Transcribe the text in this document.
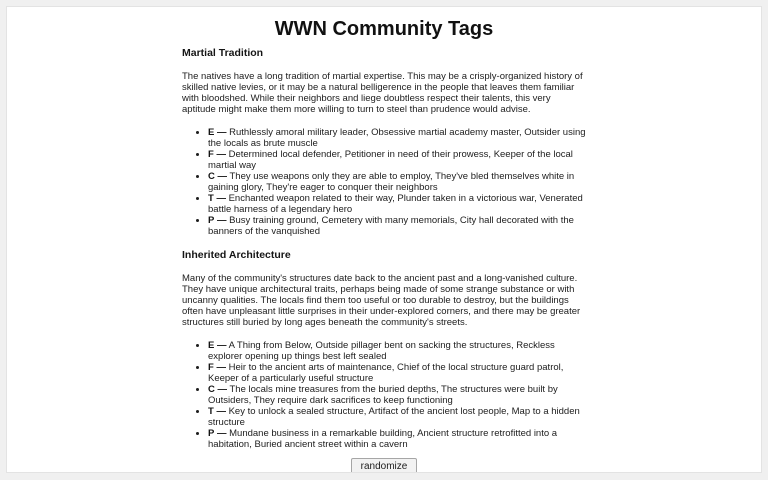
WWN Community Tags
Martial Tradition

The natives have a long tradition of martial expertise. This may be a crisply-organized history of skilled native levies, or it may be a natural belligerence in the people that leaves them familiar with bloodshed. While their neighbors and liege doubtless respect their talents, this very aptitude might make them more willing to turn to steel than prudence would advise.

• E — Ruthlessly amoral military leader, Obsessive martial academy master, Outsider using the locals as brute muscle
• F — Determined local defender, Petitioner in need of their prowess, Keeper of the local martial way
• C — They use weapons only they are able to employ, They've bled themselves white in gaining glory, They're eager to conquer their neighbors
• T — Enchanted weapon related to their way, Plunder taken in a victorious war, Venerated battle harness of a legendary hero
• P — Busy training ground, Cemetery with many memorials, City hall decorated with the banners of the vanquished
Inherited Architecture

Many of the community's structures date back to the ancient past and a long-vanished culture. They have unique architectural traits, perhaps being made of some strange substance or with uncanny qualities. The locals find them too useful or too durable to destroy, but the buildings often have unpleasant little surprises in their under-explored corners, and there may be greater structures still buried by long ages beneath the community's streets.

• E — A Thing from Below, Outside pillager bent on sacking the structures, Reckless explorer opening up things best left sealed
• F — Heir to the ancient arts of maintenance, Chief of the local structure guard patrol, Keeper of a particularly useful structure
• C — The locals mine treasures from the buried depths, The structures were built by Outsiders, They require dark sacrifices to keep functioning
• T — Key to unlock a sealed structure, Artifact of the ancient lost people, Map to a hidden structure
• P — Mundane business in a remarkable building, Ancient structure retrofitted into a habitation, Buried ancient street within a cavern
randomize
